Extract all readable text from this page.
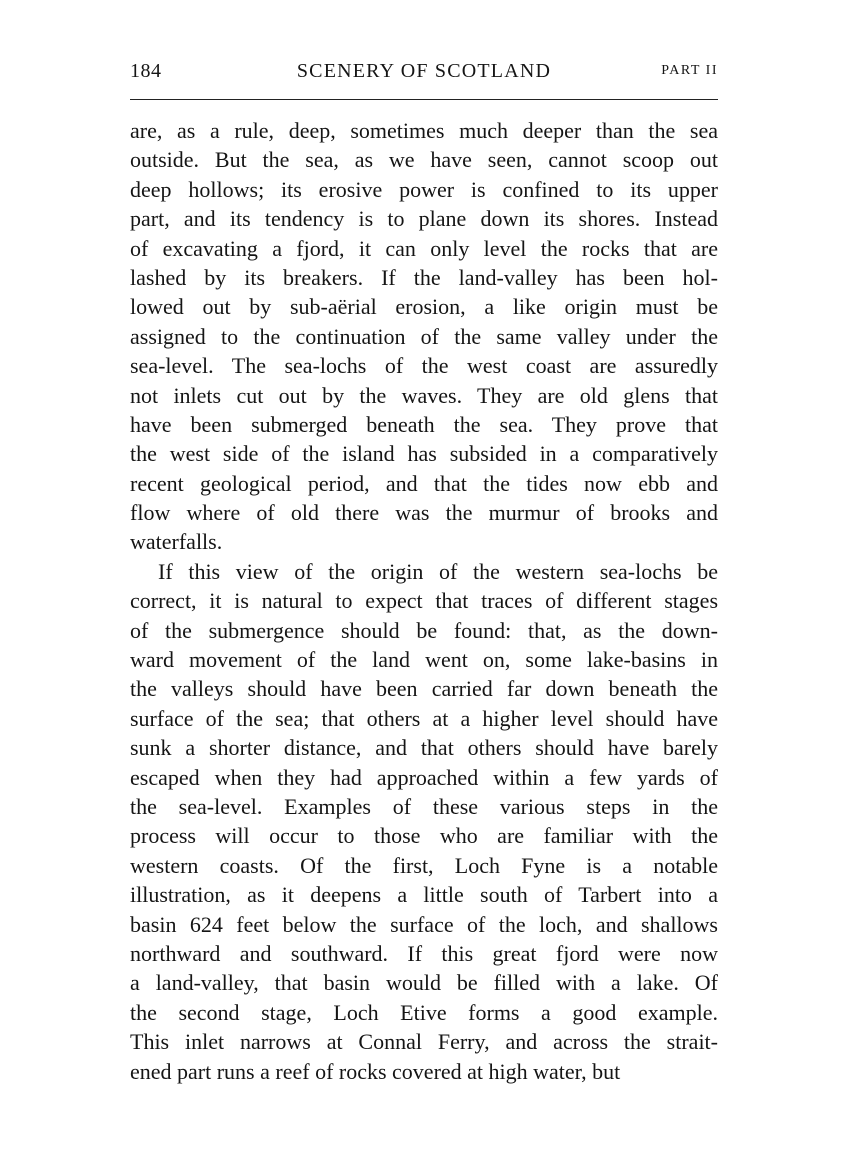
184	SCENERY OF SCOTLAND	PART II
are, as a rule, deep, sometimes much deeper than the sea
outside. But the sea, as we have seen, cannot scoop out
deep hollows; its erosive power is confined to its upper
part, and its tendency is to plane down its shores. Instead
of excavating a fjord, it can only level the rocks that are
lashed by its breakers. If the land-valley has been hol-
lowed out by sub-aërial erosion, a like origin must be
assigned to the continuation of the same valley under the
sea-level. The sea-lochs of the west coast are assuredly
not inlets cut out by the waves. They are old glens that
have been submerged beneath the sea. They prove that
the west side of the island has subsided in a comparatively
recent geological period, and that the tides now ebb and
flow where of old there was the murmur of brooks and
waterfalls.
If this view of the origin of the western sea-lochs be
correct, it is natural to expect that traces of different stages
of the submergence should be found: that, as the down-
ward movement of the land went on, some lake-basins in
the valleys should have been carried far down beneath the
surface of the sea; that others at a higher level should have
sunk a shorter distance, and that others should have barely
escaped when they had approached within a few yards of
the sea-level. Examples of these various steps in the
process will occur to those who are familiar with the
western coasts. Of the first, Loch Fyne is a notable
illustration, as it deepens a little south of Tarbert into a
basin 624 feet below the surface of the loch, and shallows
northward and southward. If this great fjord were now
a land-valley, that basin would be filled with a lake. Of
the second stage, Loch Etive forms a good example.
This inlet narrows at Connal Ferry, and across the strait-
ened part runs a reef of rocks covered at high water, but
